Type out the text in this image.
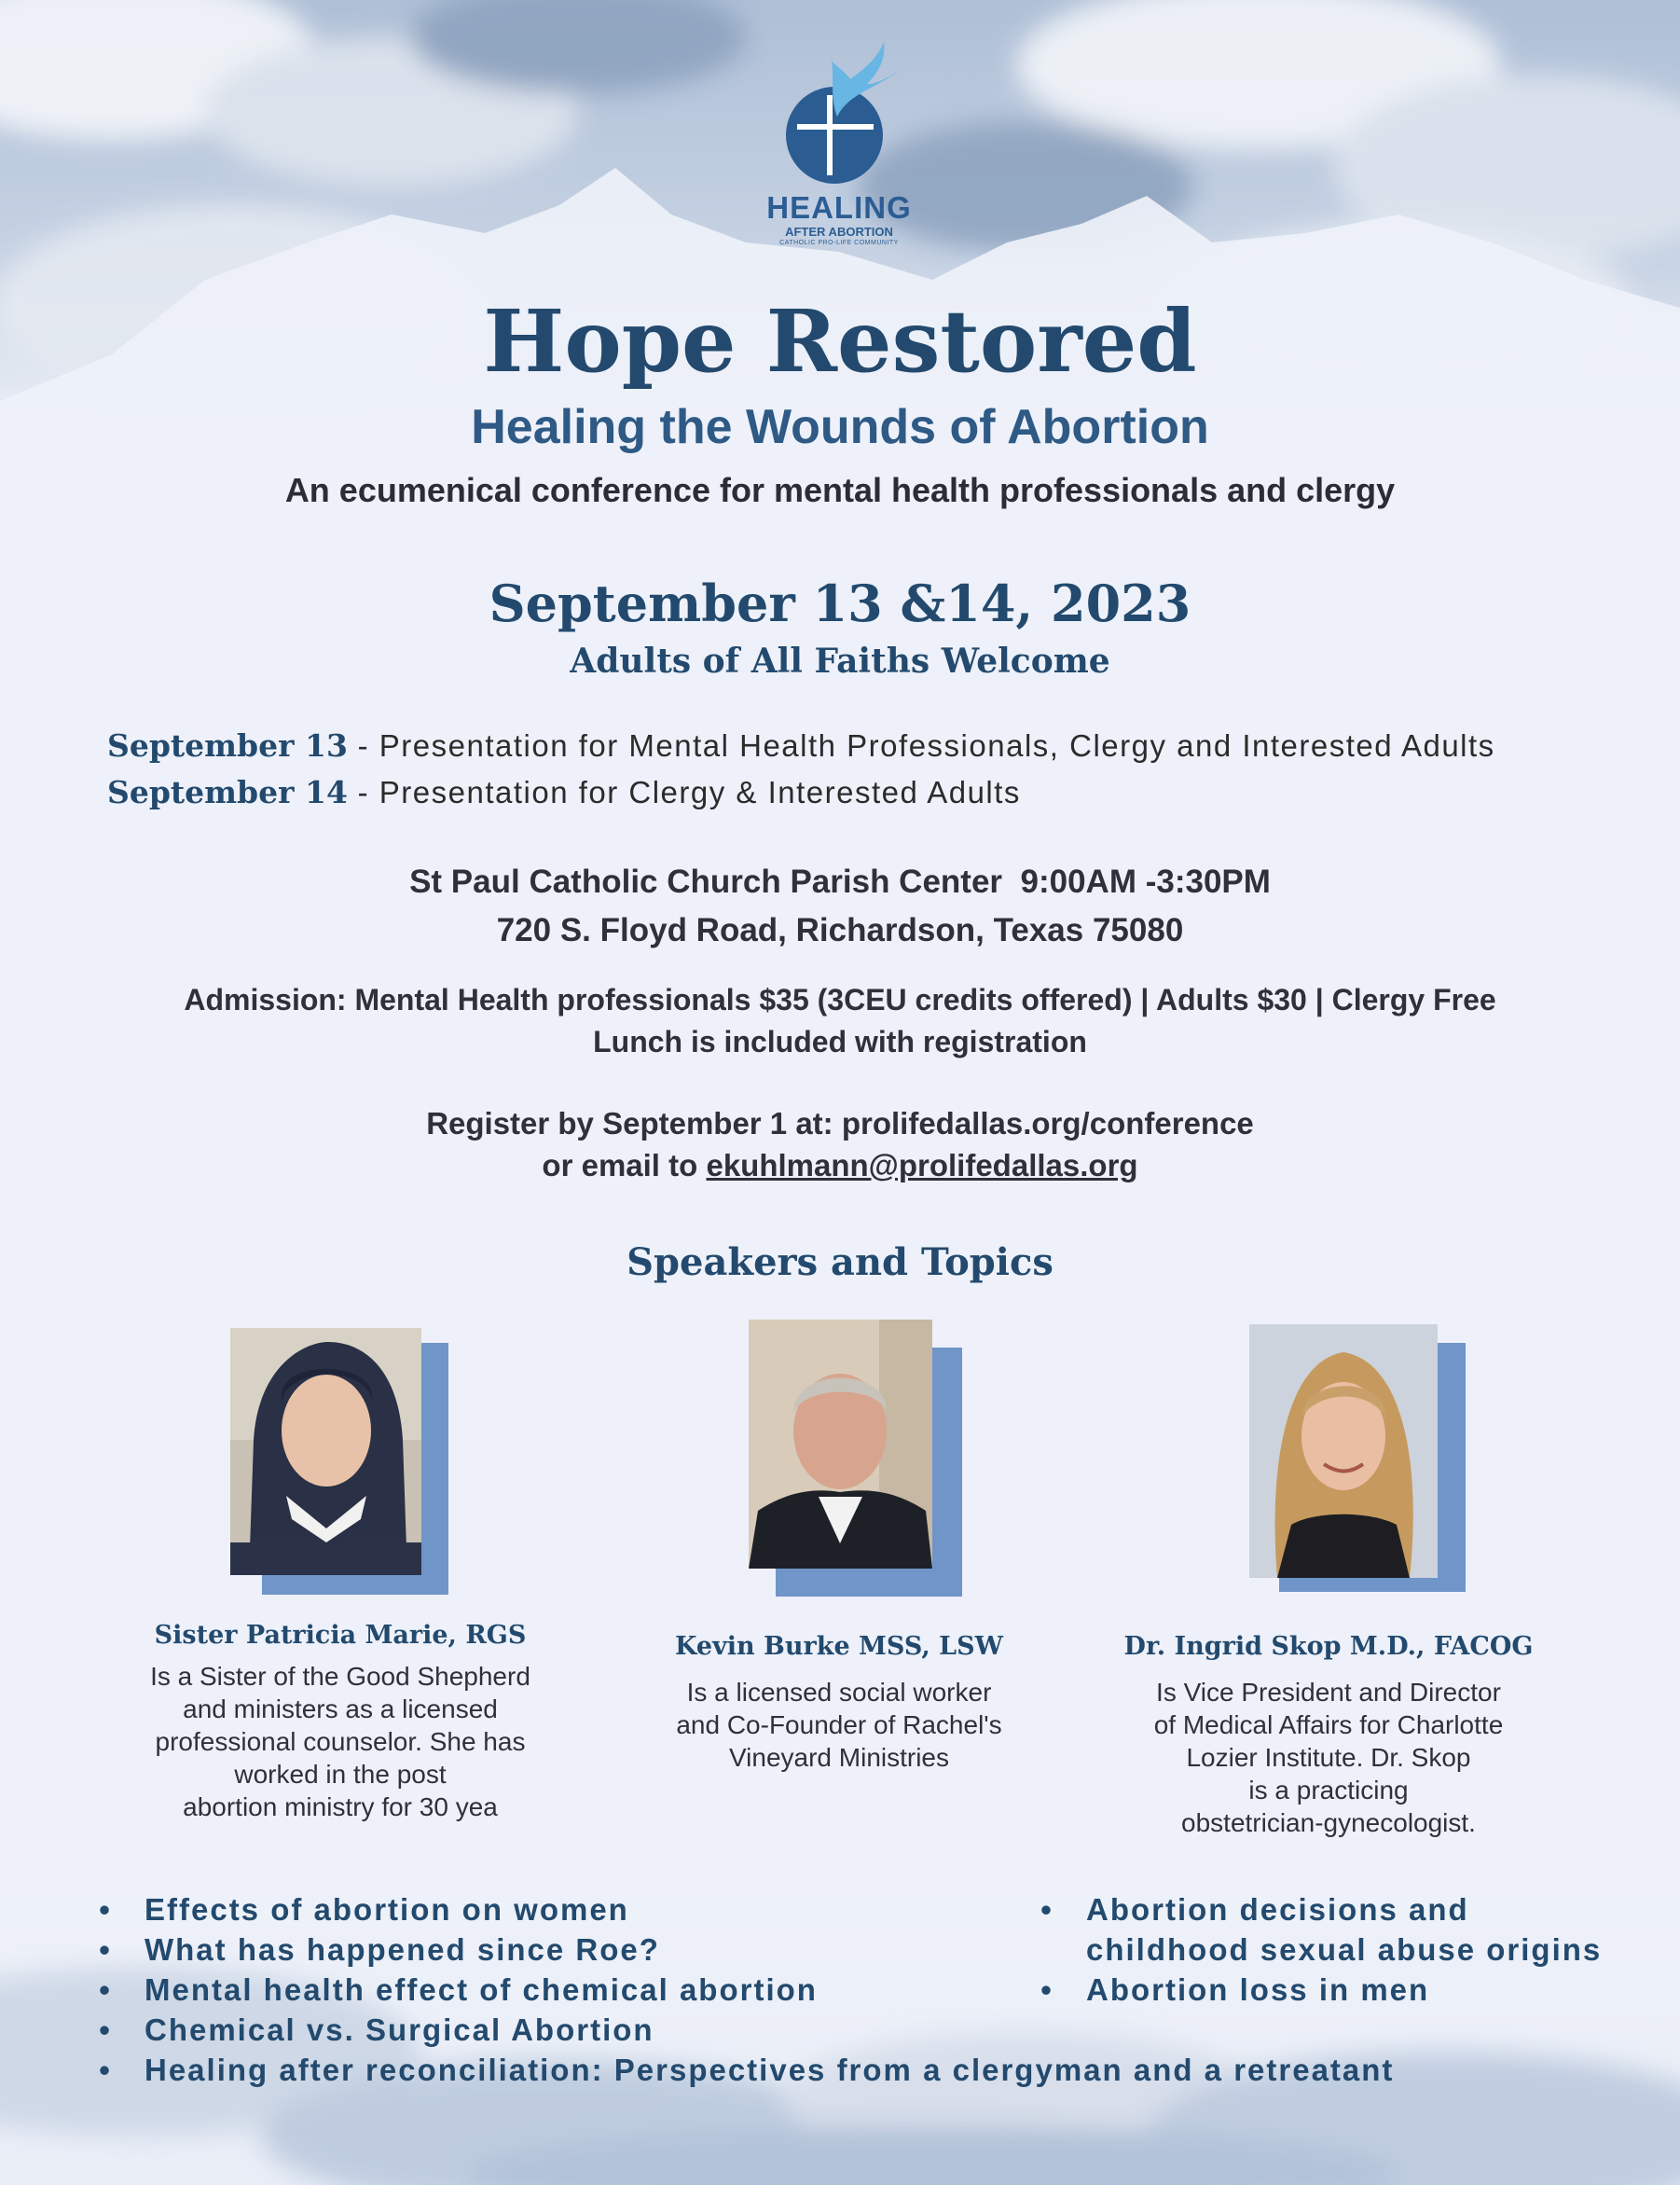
HEALING
AFTER ABORTION
CATHOLIC PRO-LIFE COMMUNITY
Hope Restored
Healing the Wounds of Abortion
An ecumenical conference for mental health professionals and clergy
September 13 &14, 2023
Adults of All Faiths Welcome
September 13 - Presentation for Mental Health Professionals, Clergy and Interested Adults
September 14 - Presentation for Clergy & Interested Adults
St Paul Catholic Church Parish Center  9:00AM -3:30PM
720 S. Floyd Road, Richardson, Texas 75080
Admission: Mental Health professionals $35 (3CEU credits offered) | Adults $30 | Clergy Free
Lunch is included with registration
Register by September 1 at: prolifedallas.org/conference
or email to ekuhlmann@prolifedallas.org
Speakers and Topics
Sister Patricia Marie, RGS
Is a Sister of the Good Shepherd
and ministers as a licensed
professional counselor. She has
worked in the post
abortion ministry for 30 yea
Kevin Burke MSS, LSW
Is a licensed social worker
and Co-Founder of Rachel's
Vineyard Ministries
Dr. Ingrid Skop M.D., FACOG
Is Vice President and Director
of Medical Affairs for Charlotte
Lozier Institute. Dr. Skop
is a practicing
obstetrician-gynecologist.
• Effects of abortion on women
• What has happened since Roe?
• Mental health effect of chemical abortion
• Chemical vs. Surgical Abortion
• Healing after reconciliation: Perspectives from a clergyman and a retreatant
• Abortion decisions and
childhood sexual abuse origins
• Abortion loss in men
